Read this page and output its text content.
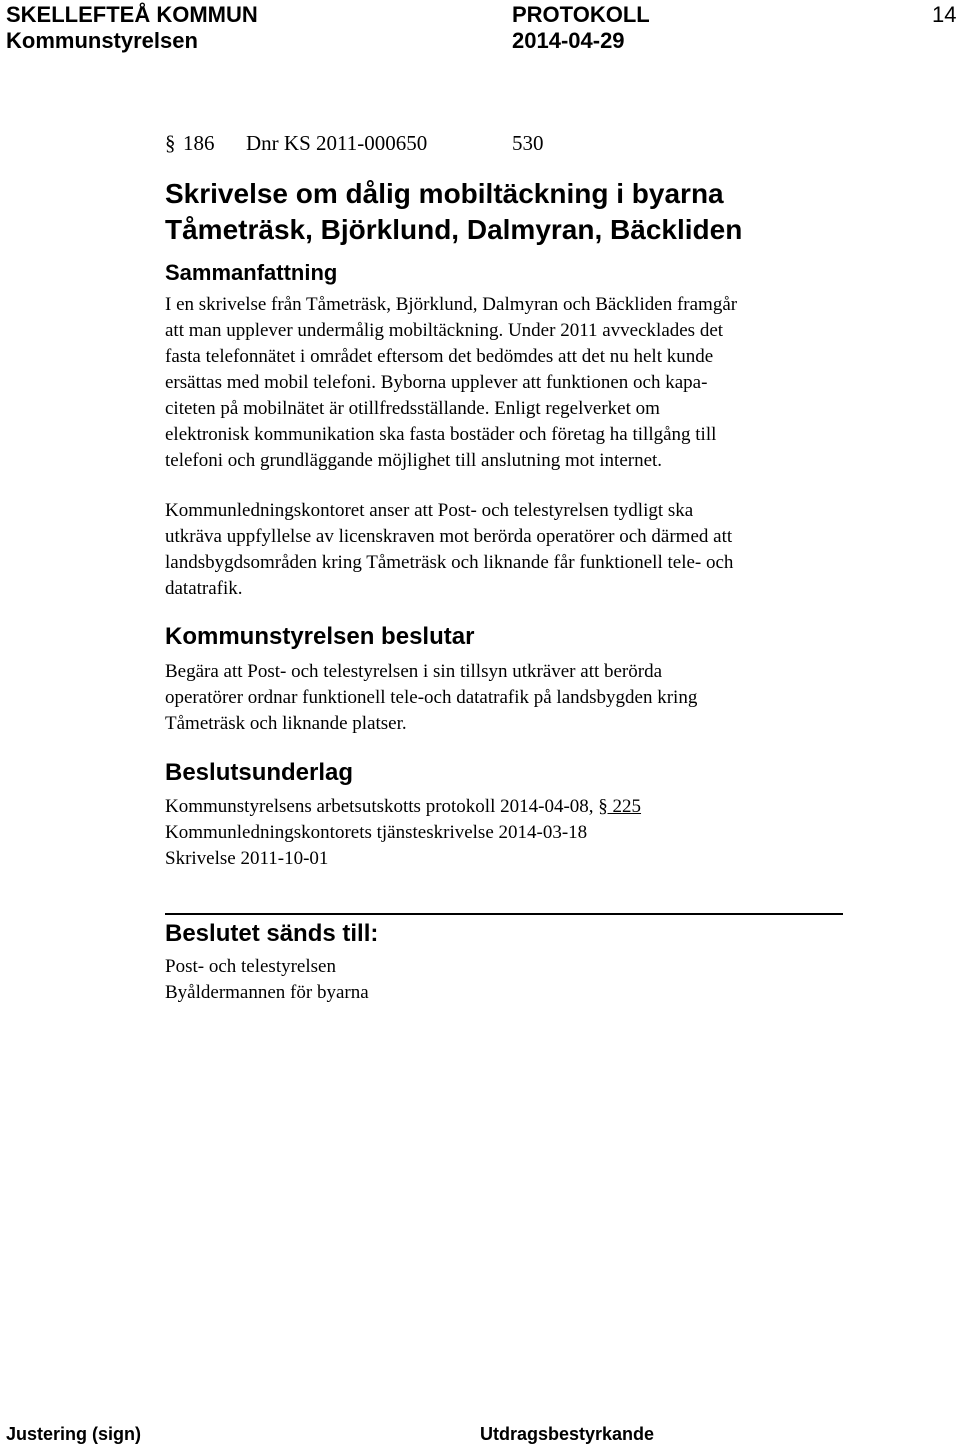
SKELLEFTEÅ KOMMUN	PROTOKOLL	14
Kommunstyrelsen	2014-04-29
§ 186 Dnr KS 2011-000650	530
Skrivelse om dålig mobiltäckning i byarna
Tåmeträsk, Björklund, Dalmyran, Bäckliden
Sammanfattning
I en skrivelse från Tåmeträsk, Björklund, Dalmyran och Bäckliden framgår
att man upplever undermålig mobiltäckning. Under 2011 avvecklades det
fasta telefonnätet i området eftersom det bedömdes att det nu helt kunde
ersättas med mobil telefoni. Byborna upplever att funktionen och kapa-
citeten på mobilnätet är otillfredsställande. Enligt regelverket om
elektronisk kommunikation ska fasta bostäder och företag ha tillgång till
telefoni och grundläggande möjlighet till anslutning mot internet.
Kommunledningskontoret anser att Post- och telestyrelsen tydligt ska
utkräva uppfyllelse av licenskraven mot berörda operatörer och därmed att
landsbygdsområden kring Tåmeträsk och liknande får funktionell tele- och
datatrafik.
Kommunstyrelsen beslutar
Begära att Post- och telestyrelsen i sin tillsyn utkräver att berörda
operatörer ordnar funktionell tele-och datatrafik på landsbygden kring
Tåmeträsk och liknande platser.
Beslutsunderlag
Kommunstyrelsens arbetsutskotts protokoll 2014-04-08, § 225
Kommunledningskontorets tjänsteskrivelse 2014-03-18
Skrivelse 2011-10-01
Beslutet sänds till:
Post- och telestyrelsen
Byåldermannen för byarna
Justering (sign)	Utdragsbestyrkande
